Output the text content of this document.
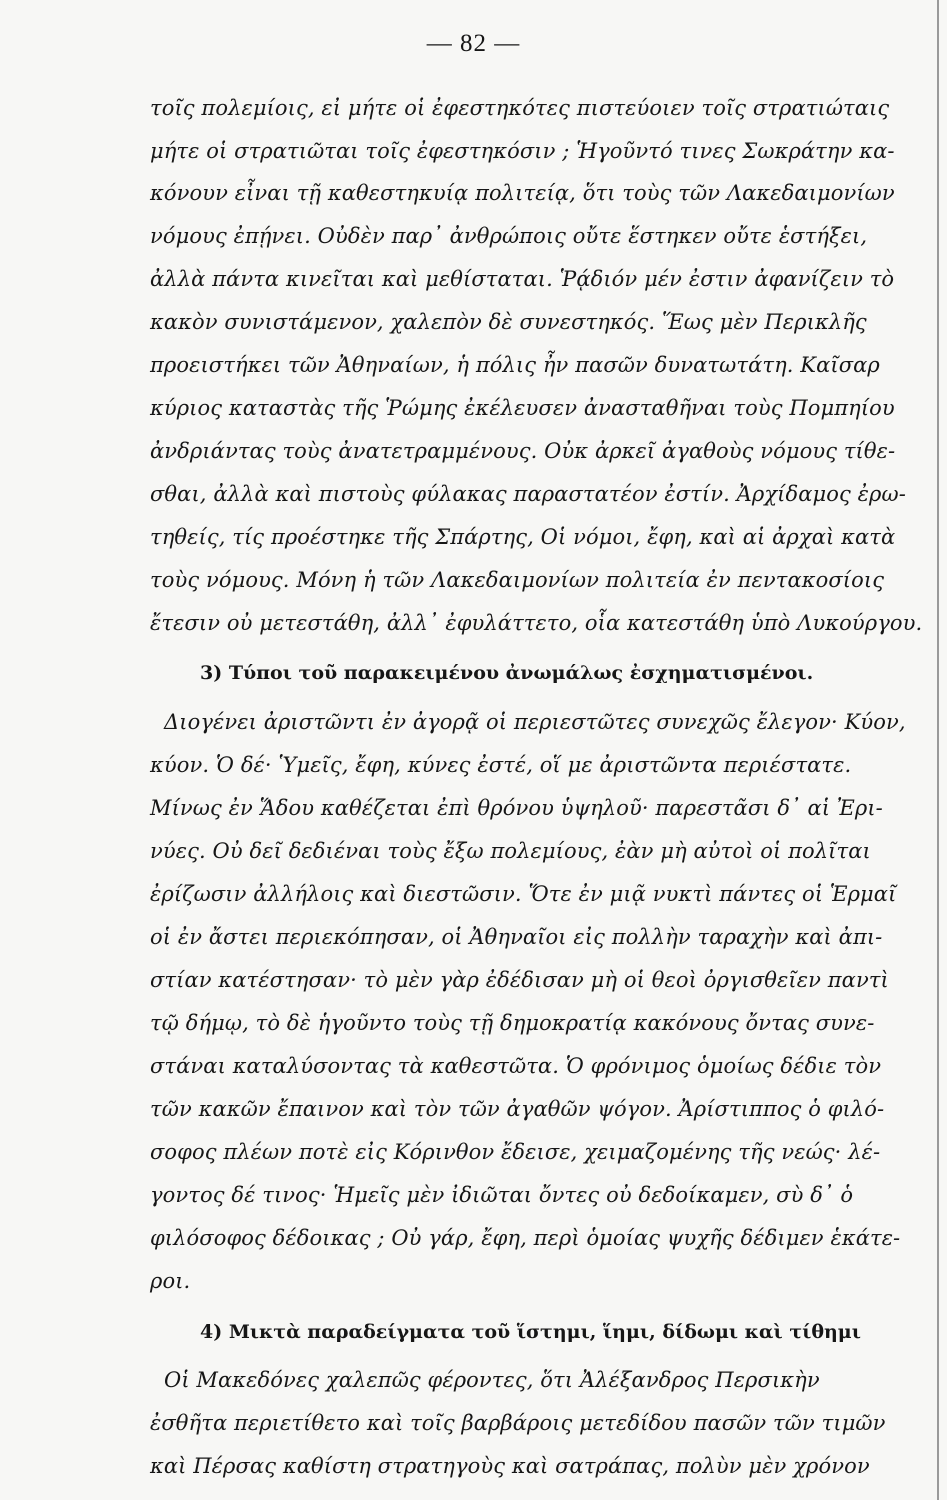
— 82 —
τοῖς πολεμίοις, εἰ μήτε οἱ ἐφεστηκότες πιστεύοιεν τοῖς στρατιώταις
μήτε οἱ στρατιῶται τοῖς ἐφεστηκόσιν ; Ἡγοῦντό τινες Σωκράτην κα-
κόνουν εἶναι τῇ καθεστηκυίᾳ πολιτείᾳ, ὅτι τοὺς τῶν Λακεδαιμονίων
νόμους ἐπῄνει. Οὐδὲν παρ᾽ ἀνθρώποις οὔτε ἕστηκεν οὔτε ἑστήξει,
ἀλλὰ πάντα κινεῖται καὶ μεθίσταται. Ῥᾴδιόν μέν ἐστιν ἀφανίζειν τὸ
κακὸν συνιστάμενον, χαλεπὸν δὲ συνεστηκός. Ἕως μὲν Περικλῆς
προειστήκει τῶν Ἀθηναίων, ἡ πόλις ἦν πασῶν δυνατωτάτη. Καῖσαρ
κύριος καταστὰς τῆς Ῥώμης ἐκέλευσεν ἀνασταθῆναι τοὺς Πομπηίου
ἀνδριάντας τοὺς ἀνατετραμμένους. Οὐκ ἀρκεῖ ἀγαθοὺς νόμους τίθε-
σθαι, ἀλλὰ καὶ πιστοὺς φύλακας παραστατέον ἐστίν. Ἀρχίδαμος ἐρω-
τηθείς, τίς προέστηκε τῆς Σπάρτης, Οἱ νόμοι, ἔφη, καὶ αἱ ἀρχαὶ κατὰ
τοὺς νόμους. Μόνη ἡ τῶν Λακεδαιμονίων πολιτεία ἐν πεντακοσίοις
ἔτεσιν οὐ μετεστάθη, ἀλλ᾽ ἐφυλάττετο, οἷα κατεστάθη ὑπὸ Λυκούργου.
3) Τύποι τοῦ παρακειμένου ἀνωμάλως ἐσχηματισμένοι.
Διογένει ἀριστῶντι ἐν ἀγορᾷ οἱ περιεστῶτες συνεχῶς ἔλεγον· Κύον,
κύον. Ὁ δέ· Ὑμεῖς, ἔφη, κύνες ἐστέ, οἵ με ἀριστῶντα περιέστατε.
Μίνως ἐν Ἅδου καθέζεται ἐπὶ θρόνου ὑψηλοῦ· παρεστᾶσι δ᾽ αἱ Ἐρι-
νύες. Οὐ δεῖ δεδιέναι τοὺς ἔξω πολεμίους, ἐὰν μὴ αὐτοὶ οἱ πολῖται
ἐρίζωσιν ἀλλήλοις καὶ διεστῶσιν. Ὅτε ἐν μιᾷ νυκτὶ πάντες οἱ Ἑρμαῖ
οἱ ἐν ἄστει περιεκόπησαν, οἱ Ἀθηναῖοι εἰς πολλὴν ταραχὴν καὶ ἀπι-
στίαν κατέστησαν· τὸ μὲν γὰρ ἐδέδισαν μὴ οἱ θεοὶ ὀργισθεῖεν παντὶ
τῷ δήμῳ, τὸ δὲ ἡγοῦντο τοὺς τῇ δημοκρατίᾳ κακόνους ὄντας συνε-
στάναι καταλύσοντας τὰ καθεστῶτα. Ὁ φρόνιμος ὁμοίως δέδιε τὸν
τῶν κακῶν ἔπαινον καὶ τὸν τῶν ἀγαθῶν ψόγον. Ἀρίστιππος ὁ φιλό-
σοφος πλέων ποτὲ εἰς Κόρινθον ἔδεισε, χειμαζομένης τῆς νεώς· λέ-
γοντος δέ τινος· Ἡμεῖς μὲν ἰδιῶται ὄντες οὐ δεδοίκαμεν, σὺ δ᾽ ὁ
φιλόσοφος δέδοικας ; Οὐ γάρ, ἔφη, περὶ ὁμοίας ψυχῆς δέδιμεν ἑκάτε-
ροι.
4) Μικτὰ παραδείγματα τοῦ ἵστημι, ἵημι, δίδωμι καὶ τίθημι
Οἱ Μακεδόνες χαλεπῶς φέροντες, ὅτι Ἀλέξανδρος Περσικὴν
ἐσθῆτα περιετίθετο καὶ τοῖς βαρβάροις μετεδίδου πασῶν τῶν τιμῶν
καὶ Πέρσας καθίστη στρατηγοὺς καὶ σατράπας, πολὺν μὲν χρόνον
